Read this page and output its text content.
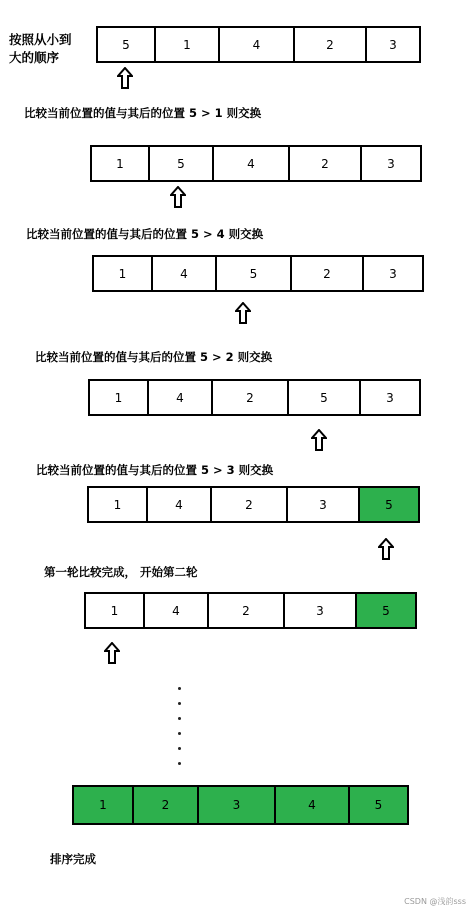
按照从小到
大的顺序
5	1	4	2	3
比较当前位置的值与其后的位置 5 > 1 则交换
1	5	4	2	3
比较当前位置的值与其后的位置 5 > 4 则交换
1	4	5	2	3
比较当前位置的值与其后的位置 5 > 2 则交换
1	4	2	5	3
比较当前位置的值与其后的位置 5 > 3 则交换
1	4	2	3	5
第一轮比较完成， 开始第二轮
1	4	2	3	5
1	2	3	4	5
排序完成
CSDN @浅韵sss
